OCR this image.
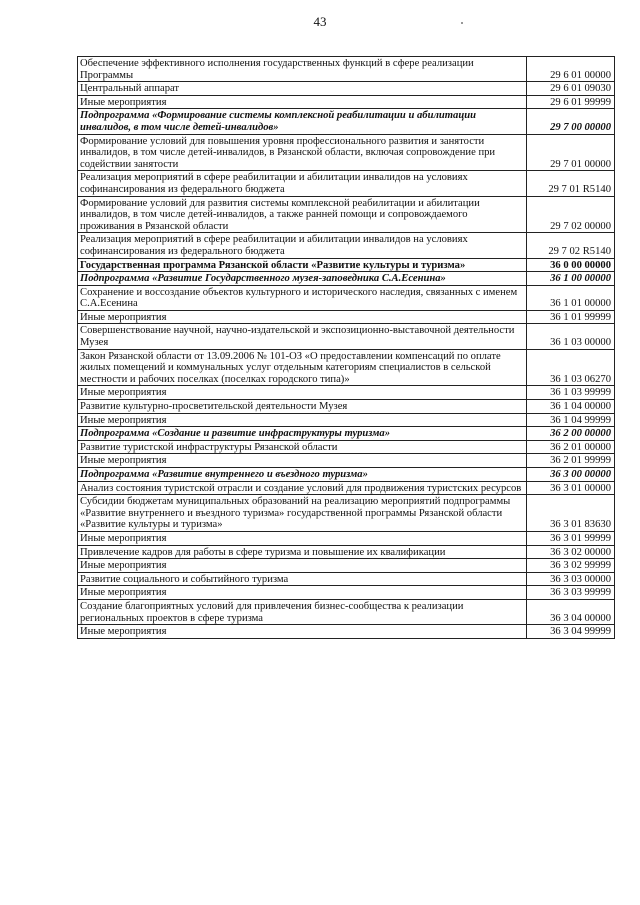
43
Обеспечение эффективного исполнения государственных функций в сфере реализации Программы	29 6 01 00000
Центральный аппарат	29 6 01 09030
Иные мероприятия	29 6 01 99999
Подпрограмма «Формирование системы комплексной реабилитации и абилитации инвалидов, в том числе детей-инвалидов»	29 7 00 00000
Формирование условий для повышения уровня профессионального развития и занятости инвалидов, в том числе детей-инвалидов, в Рязанской области, включая сопровождение при содействии занятости	29 7 01 00000
Реализация мероприятий в сфере реабилитации и абилитации инвалидов на условиях софинансирования из федерального бюджета	29 7 01 R5140
Формирование условий для развития системы комплексной реабилитации и абилитации инвалидов, в том числе детей-инвалидов, а также ранней помощи и сопровождаемого проживания в Рязанской области	29 7 02 00000
Реализация мероприятий в сфере реабилитации и абилитации инвалидов на условиях софинансирования из федерального бюджета	29 7 02 R5140
Государственная программа Рязанской области «Развитие культуры и туризма»	36 0 00 00000
Подпрограмма «Развитие Государственного музея-заповедника С.А.Есенина»	36 1 00 00000
Сохранение и воссоздание объектов культурного и исторического наследия, связанных с именем С.А.Есенина	36 1 01 00000
Иные мероприятия	36 1 01 99999
Совершенствование научной, научно-издательской и экспозиционно-выставочной деятельности Музея	36 1 03 00000
Закон Рязанской области от 13.09.2006 № 101-ОЗ «О предоставлении компенсаций по оплате жилых помещений и коммунальных услуг отдельным категориям специалистов в сельской местности и рабочих поселках (поселках городского типа)»	36 1 03 06270
Иные мероприятия	36 1 03 99999
Развитие культурно-просветительской деятельности Музея	36 1 04 00000
Иные мероприятия	36 1 04 99999
Подпрограмма «Создание и развитие инфраструктуры туризма»	36 2 00 00000
Развитие туристской инфраструктуры Рязанской области	36 2 01 00000
Иные мероприятия	36 2 01 99999
Подпрограмма «Развитие внутреннего и въездного туризма»	36 3 00 00000
Анализ состояния туристской отрасли и создание условий для продвижения туристских ресурсов	36 3 01 00000
Субсидии бюджетам муниципальных образований на реализацию мероприятий подпрограммы «Развитие внутреннего и въездного туризма» государственной программы Рязанской области «Развитие культуры и туризма»	36 3 01 83630
Иные мероприятия	36 3 01 99999
Привлечение кадров для работы в сфере туризма и повышение их квалификации	36 3 02 00000
Иные мероприятия	36 3 02 99999
Развитие социального и событийного туризма	36 3 03 00000
Иные мероприятия	36 3 03 99999
Создание благоприятных условий для привлечения бизнес-сообщества к реализации региональных проектов в сфере туризма	36 3 04 00000
Иные мероприятия	36 3 04 99999
